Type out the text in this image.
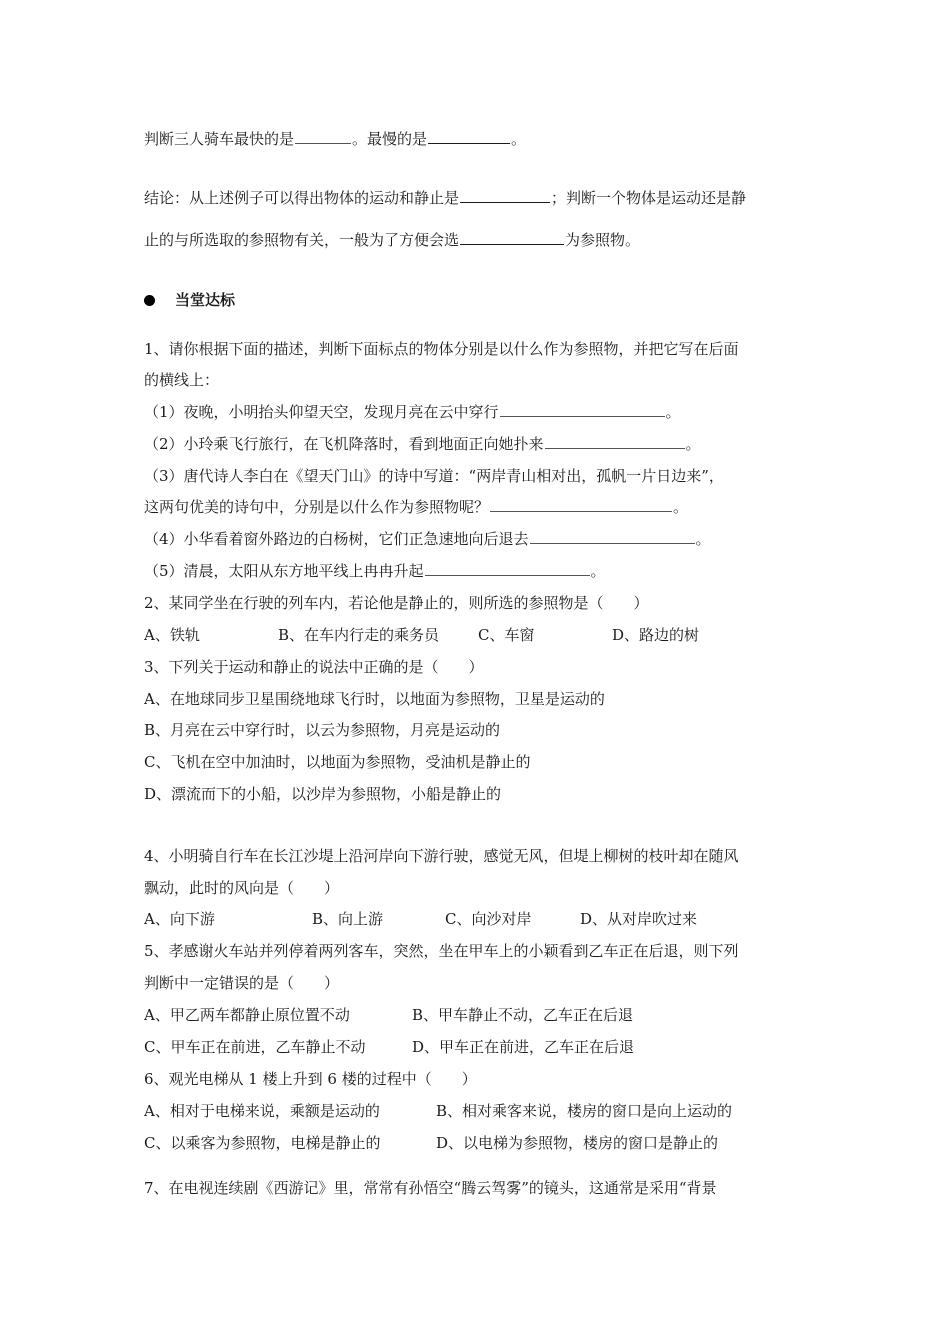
判断三人骑车最快的是	。最慢的是	。
结论：从上述例子可以得出物体的运动和静止是	；判断一个物体是运动还是静
止的与所选取的参照物有关，一般为了方便会选	为参照物。
当堂达标
1、请你根据下面的描述，判断下面标点的物体分别是以什么作为参照物，并把它写在后面
的横线上：
（1）夜晚，小明抬头仰望天空，发现月亮在云中穿行	。
（2）小玲乘飞行旅行，在飞机降落时，看到地面正向她扑来	。
（3）唐代诗人李白在《望天门山》的诗中写道：“两岸青山相对出，孤帆一片日边来”，
这两句优美的诗句中，分别是以什么作为参照物呢？	。
（4）小华看着窗外路边的白杨树，它们正急速地向后退去	。
（5）清晨，太阳从东方地平线上冉冉升起	。
2、某同学坐在行驶的列车内，若论他是静止的，则所选的参照物是（　　）
A、铁轨	B、在车内行走的乘务员	C、车窗	D、路边的树
3、下列关于运动和静止的说法中正确的是（　　）
A、在地球同步卫星围绕地球飞行时，以地面为参照物，卫星是运动的
B、月亮在云中穿行时，以云为参照物，月亮是运动的
C、飞机在空中加油时，以地面为参照物，受油机是静止的
D、漂流而下的小船，以沙岸为参照物，小船是静止的
4、小明骑自行车在长江沙堤上沿河岸向下游行驶，感觉无风，但堤上柳树的枝叶却在随风
飘动，此时的风向是（　　）
A、向下游	B、向上游	C、向沙对岸	D、从对岸吹过来
5、孝感谢火车站并列停着两列客车，突然，坐在甲车上的小颖看到乙车正在后退，则下列
判断中一定错误的是（　　）
A、甲乙两车都静止原位置不动	B、甲车静止不动，乙车正在后退
C、甲车正在前进，乙车静止不动	D、甲车正在前进，乙车正在后退
6、观光电梯从 1 楼上升到 6 楼的过程中（　　）
A、相对于电梯来说，乘额是运动的	B、相对乘客来说，楼房的窗口是向上运动的
C、以乘客为参照物，电梯是静止的	D、以电梯为参照物，楼房的窗口是静止的
7、在电视连续剧《西游记》里，常常有孙悟空“腾云驾雾”的镜头，这通常是采用“背景
